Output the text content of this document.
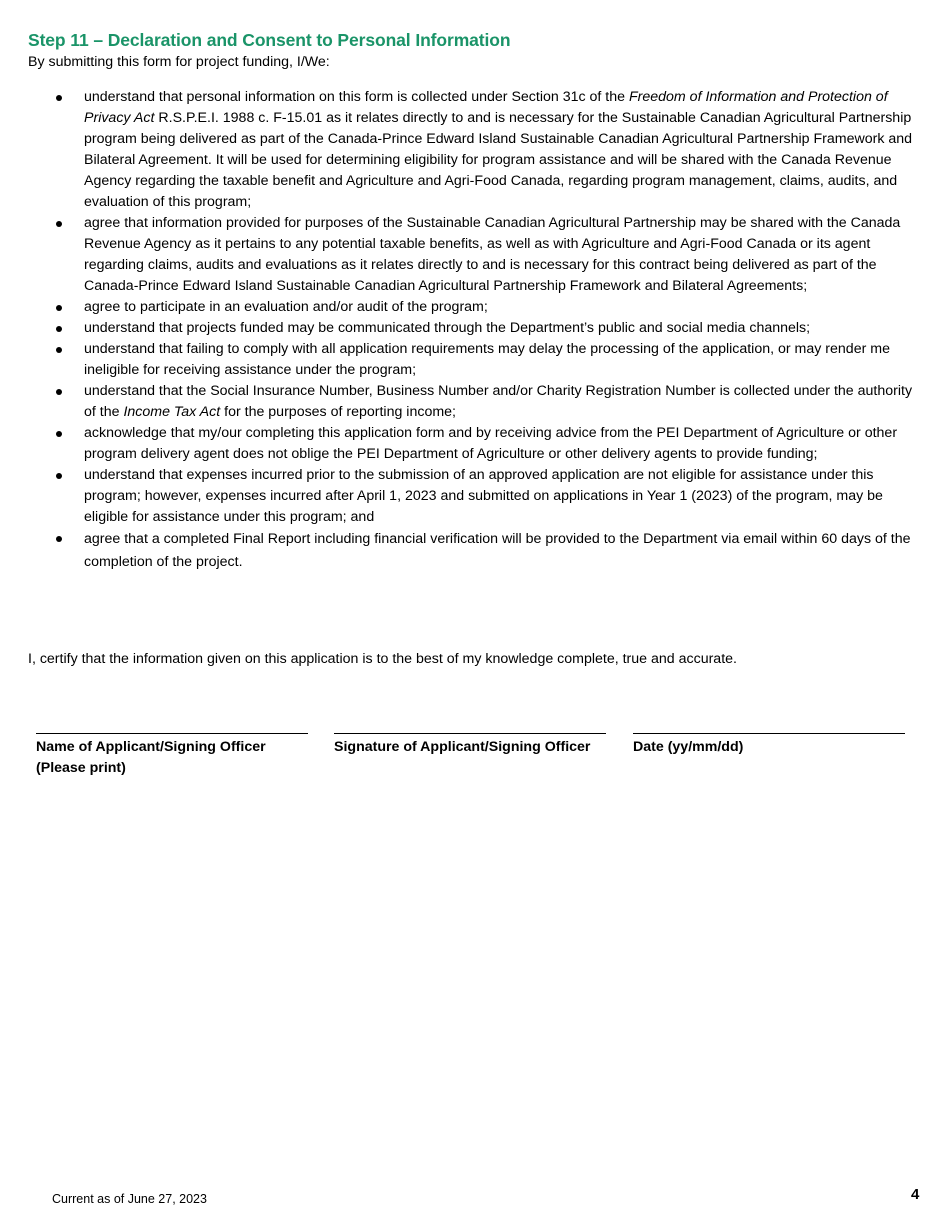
Step 11 – Declaration and Consent to Personal Information

By submitting this form for project funding, I/We:

understand that personal information on this form is collected under Section 31c of the Freedom of Information and Protection of Privacy Act R.S.P.E.I. 1988 c. F-15.01 as it relates directly to and is necessary for the Sustainable Canadian Agricultural Partnership program being delivered as part of the Canada-Prince Edward Island Sustainable Canadian Agricultural Partnership Framework and Bilateral Agreement. It will be used for determining eligibility for program assistance and will be shared with the Canada Revenue Agency regarding the taxable benefit and Agriculture and Agri-Food Canada, regarding program management, claims, audits, and evaluation of this program;
agree that information provided for purposes of the Sustainable Canadian Agricultural Partnership may be shared with the Canada Revenue Agency as it pertains to any potential taxable benefits, as well as with Agriculture and Agri-Food Canada or its agent regarding claims, audits and evaluations as it relates directly to and is necessary for this contract being delivered as part of the Canada-Prince Edward Island Sustainable Canadian Agricultural Partnership Framework and Bilateral Agreements;
agree to participate in an evaluation and/or audit of the program;
understand that projects funded may be communicated through the Department’s public and social media channels;
understand that failing to comply with all application requirements may delay the processing of the application, or may render me ineligible for receiving assistance under the program;
understand that the Social Insurance Number, Business Number and/or Charity Registration Number is collected under the authority of the Income Tax Act for the purposes of reporting income;
acknowledge that my/our completing this application form and by receiving advice from the PEI Department of Agriculture or other program delivery agent does not oblige the PEI Department of Agriculture or other delivery agents to provide funding;
understand that expenses incurred prior to the submission of an approved application are not eligible for assistance under this program; however, expenses incurred after April 1, 2023 and submitted on applications in Year 1 (2023) of the program, may be eligible for assistance under this program; and
agree that a completed Final Report including financial verification will be provided to the Department via email within 60 days of the completion of the project.

I, certify that the information given on this application is to the best of my knowledge complete, true and accurate.

Name of Applicant/Signing Officer
(Please print)
Signature of Applicant/Signing Officer	Date (yy/mm/dd)
Current as of June 27, 2023	4
